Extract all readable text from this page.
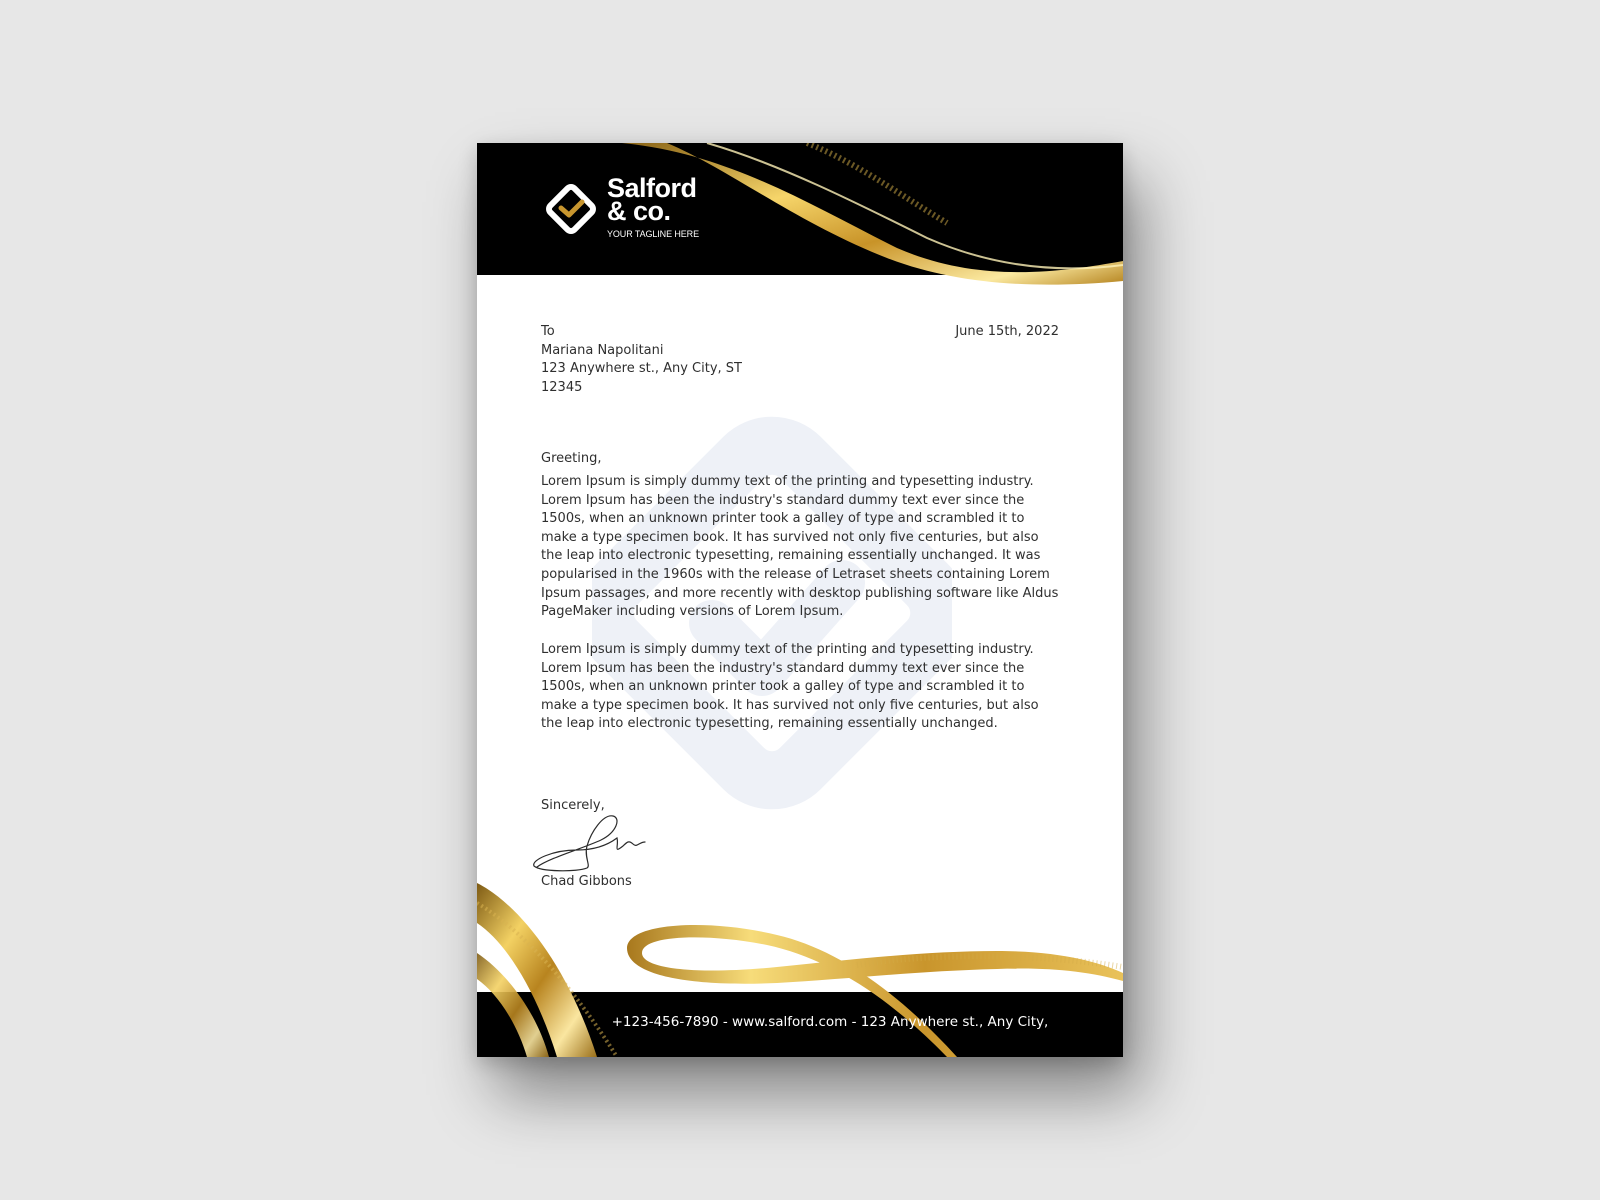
Salford
& co.
YOUR TAGLINE HERE
June 15th, 2022
To
Mariana Napolitani
123 Anywhere st., Any City, ST
12345
Greeting,
Lorem Ipsum is simply dummy text of the printing and typesetting industry. Lorem Ipsum has been the industry's standard dummy text ever since the 1500s, when an unknown printer took a galley of type and scrambled it to make a type specimen book. It has survived not only five centuries, but also the leap into electronic typesetting, remaining essentially unchanged. It was popularised in the 1960s with the release of Letraset sheets containing Lorem Ipsum passages, and more recently with desktop publishing software like Aldus PageMaker including versions of Lorem Ipsum.
Lorem Ipsum is simply dummy text of the printing and typesetting industry. Lorem Ipsum has been the industry's standard dummy text ever since the 1500s, when an unknown printer took a galley of type and scrambled it to make a type specimen book. It has survived not only five centuries, but also the leap into electronic typesetting, remaining essentially unchanged.
Sincerely,
Chad Gibbons
+123-456-7890 - www.salford.com - 123 Anywhere st., Any City,
